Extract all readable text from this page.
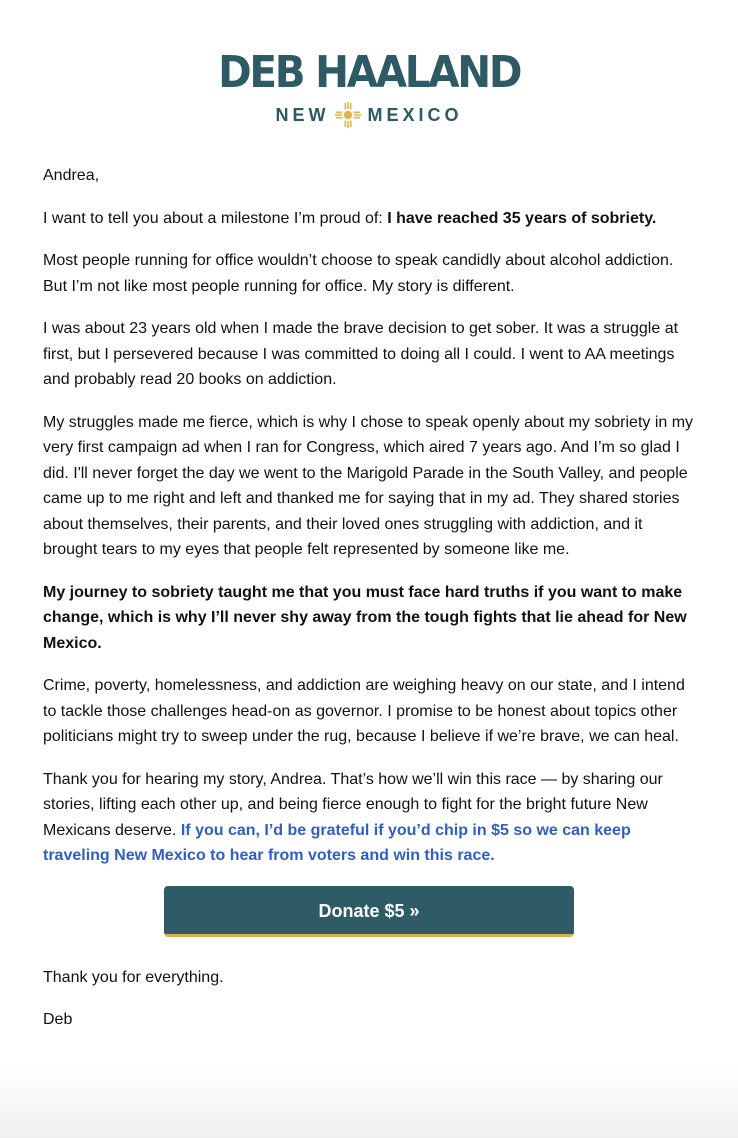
DEB HAALAND
NEW MEXICO

Andrea,

I want to tell you about a milestone I’m proud of: I have reached 35 years of sobriety.

Most people running for office wouldn’t choose to speak candidly about alcohol addiction. But I’m not like most people running for office. My story is different.

I was about 23 years old when I made the brave decision to get sober. It was a struggle at first, but I persevered because I was committed to doing all I could. I went to AA meetings and probably read 20 books on addiction.

My struggles made me fierce, which is why I chose to speak openly about my sobriety in my very first campaign ad when I ran for Congress, which aired 7 years ago. And I’m so glad I did. I'll never forget the day we went to the Marigold Parade in the South Valley, and people came up to me right and left and thanked me for saying that in my ad. They shared stories about themselves, their parents, and their loved ones struggling with addiction, and it brought tears to my eyes that people felt represented by someone like me.

My journey to sobriety taught me that you must face hard truths if you want to make change, which is why I’ll never shy away from the tough fights that lie ahead for New Mexico.

Crime, poverty, homelessness, and addiction are weighing heavy on our state, and I intend to tackle those challenges head-on as governor. I promise to be honest about topics other politicians might try to sweep under the rug, because I believe if we’re brave, we can heal.

Thank you for hearing my story, Andrea. That’s how we’ll win this race — by sharing our stories, lifting each other up, and being fierce enough to fight for the bright future New Mexicans deserve. If you can, I’d be grateful if you’d chip in $5 so we can keep traveling New Mexico to hear from voters and win this race.

Donate $5 »

Thank you for everything.

Deb
